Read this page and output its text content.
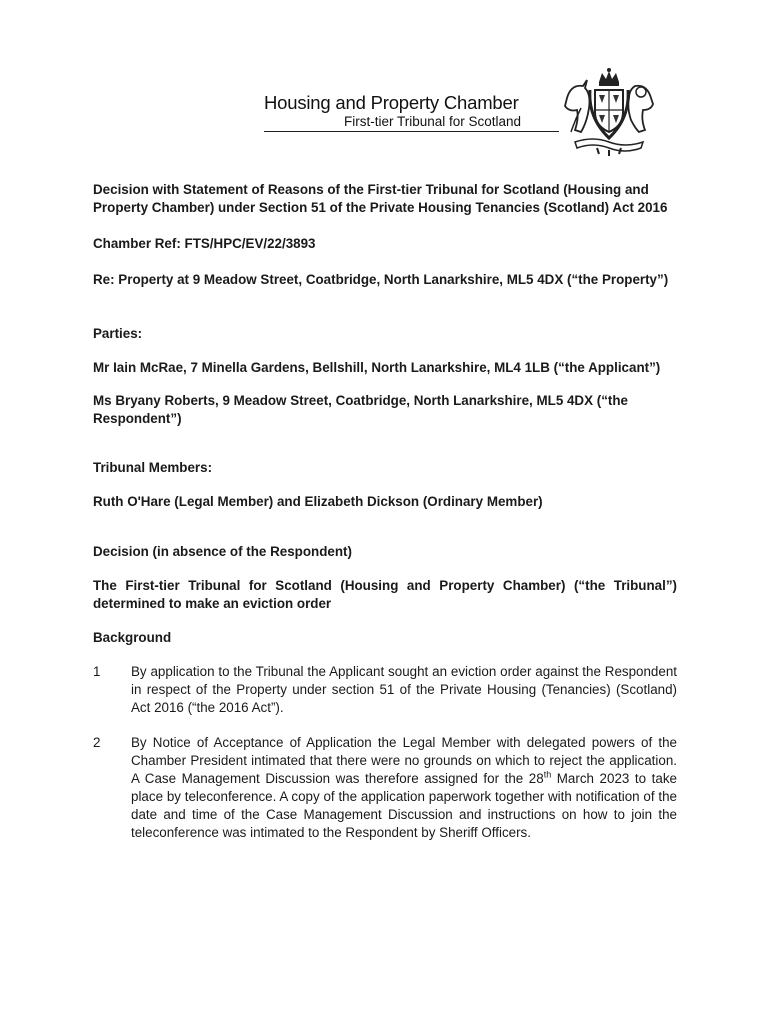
Housing and Property Chamber
First-tier Tribunal for Scotland

Decision with Statement of Reasons of the First-tier Tribunal for Scotland (Housing and Property Chamber) under Section 51 of the Private Housing Tenancies (Scotland) Act 2016

Chamber Ref: FTS/HPC/EV/22/3893

Re: Property at 9 Meadow Street, Coatbridge, North Lanarkshire, ML5 4DX (“the Property”)

Parties:

Mr Iain McRae, 7 Minella Gardens, Bellshill, North Lanarkshire, ML4 1LB (“the Applicant”)

Ms Bryany Roberts, 9 Meadow Street, Coatbridge, North Lanarkshire, ML5 4DX (“the Respondent”)

Tribunal Members:

Ruth O'Hare (Legal Member) and Elizabeth Dickson (Ordinary Member)

Decision (in absence of the Respondent)

The First-tier Tribunal for Scotland (Housing and Property Chamber) (“the Tribunal”) determined to make an eviction order

Background

1 By application to the Tribunal the Applicant sought an eviction order against the Respondent in respect of the Property under section 51 of the Private Housing (Tenancies) (Scotland) Act 2016 (“the 2016 Act”).
2 By Notice of Acceptance of Application the Legal Member with delegated powers of the Chamber President intimated that there were no grounds on which to reject the application. A Case Management Discussion was therefore assigned for the 28th March 2023 to take place by teleconference. A copy of the application paperwork together with notification of the date and time of the Case Management Discussion and instructions on how to join the teleconference was intimated to the Respondent by Sheriff Officers.
